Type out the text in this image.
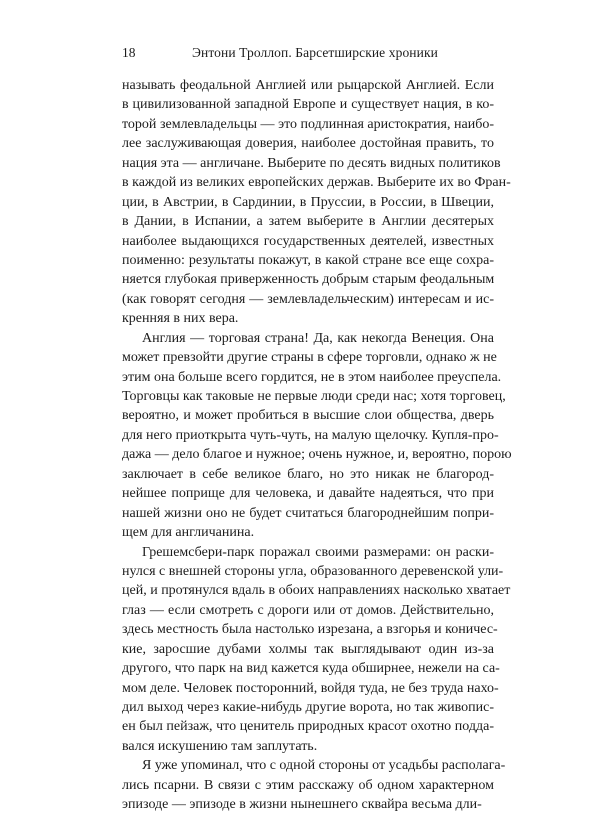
18	Энтони Троллоп. Барсетширские хроники
называть феодальной Англией или рыцарской Англией. Если
в цивилизованной западной Европе и существует нация, в ко-
торой землевладельцы — это подлинная аристократия, наибо-
лее заслуживающая доверия, наиболее достойная править, то
нация эта — англичане. Выберите по десять видных политиков
в каждой из великих европейских держав. Выберите их во Фран-
ции, в Австрии, в Сардинии, в Пруссии, в России, в Швеции,
в Дании, в Испании, а затем выберите в Англии десятерых
наиболее выдающихся государственных деятелей, известных
поименно: результаты покажут, в какой стране все еще сохра-
няется глубокая приверженность добрым старым феодальным
(как говорят сегодня — землевладельческим) интересам и ис-
кренняя в них вера.
Англия — торговая страна! Да, как некогда Венеция. Она
может превзойти другие страны в сфере торговли, однако ж не
этим она больше всего гордится, не в этом наиболее преуспела.
Торговцы как таковые не первые люди среди нас; хотя торговец,
вероятно, и может пробиться в высшие слои общества, дверь
для него приоткрыта чуть-чуть, на малую щелочку. Купля-про-
дажа — дело благое и нужное; очень нужное, и, вероятно, порою
заключает в себе великое благо, но это никак не благород-
нейшее поприще для человека, и давайте надеяться, что при
нашей жизни оно не будет считаться благороднейшим попри-
щем для англичанина.
Грешемсбери-парк поражал своими размерами: он раски-
нулся с внешней стороны угла, образованного деревенской ули-
цей, и протянулся вдаль в обоих направлениях насколько хватает
глаз — если смотреть с дороги или от домов. Действительно,
здесь местность была настолько изрезана, а взгорья и коничес-
кие, заросшие дубами холмы так выглядывают один из-за
другого, что парк на вид кажется куда обширнее, нежели на са-
мом деле. Человек посторонний, войдя туда, не без труда нахо-
дил выход через какие-нибудь другие ворота, но так живопис-
ен был пейзаж, что ценитель природных красот охотно подда-
вался искушению там заплутать.
Я уже упоминал, что с одной стороны от усадьбы располага-
лись псарни. В связи с этим расскажу об одном характерном
эпизоде — эпизоде в жизни нынешнего сквайра весьма дли-
